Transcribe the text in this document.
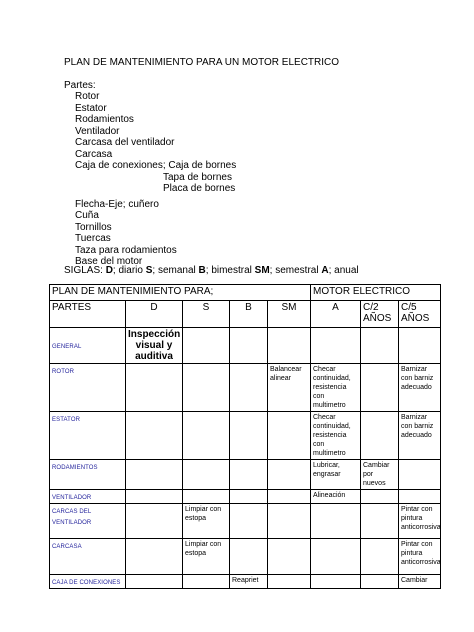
PLAN DE MANTENIMIENTO PARA UN MOTOR ELECTRICO
Partes:
Rotor
Estator
Rodamientos
Ventilador
Carcasa del ventilador
Carcasa
Caja de conexiones; Caja de bornes
Tapa de bornes
Placa de bornes
Flecha-Eje; cuñero
Cuña
Tornillos
Tuercas
Taza para rodamientos
Base del motor
SIGLAS: D; diario S; semanal B; bimestral SM; semestral A; anual
PLAN DE MANTENIMIENTO PARA;					MOTOR ELECTRICO		
PARTES	D	S	B	SM	A	C/2 AÑOS	C/5 AÑOS
GENERAL	Inspección visual y auditiva						
ROTOR				Balancear alinear	Checar continuidad, resistencia con multimetro		Barnizar con barniz adecuado
ESTATOR					Checar continuidad, resistencia con multimetro		Barnizar con barniz adecuado
RODAMIENTOS					Lubricar, engrasar	Cambiar por nuevos	
VENTILADOR					Alineación		
CARCAS DEL VENTILADOR		Limpiar con estopa					Pintar con pintura anticorrosiva
CARCASA		Limpiar con estopa					Pintar con pintura anticorrosiva
CAJA DE CONEXIONES			Reapriet				Cambiar
